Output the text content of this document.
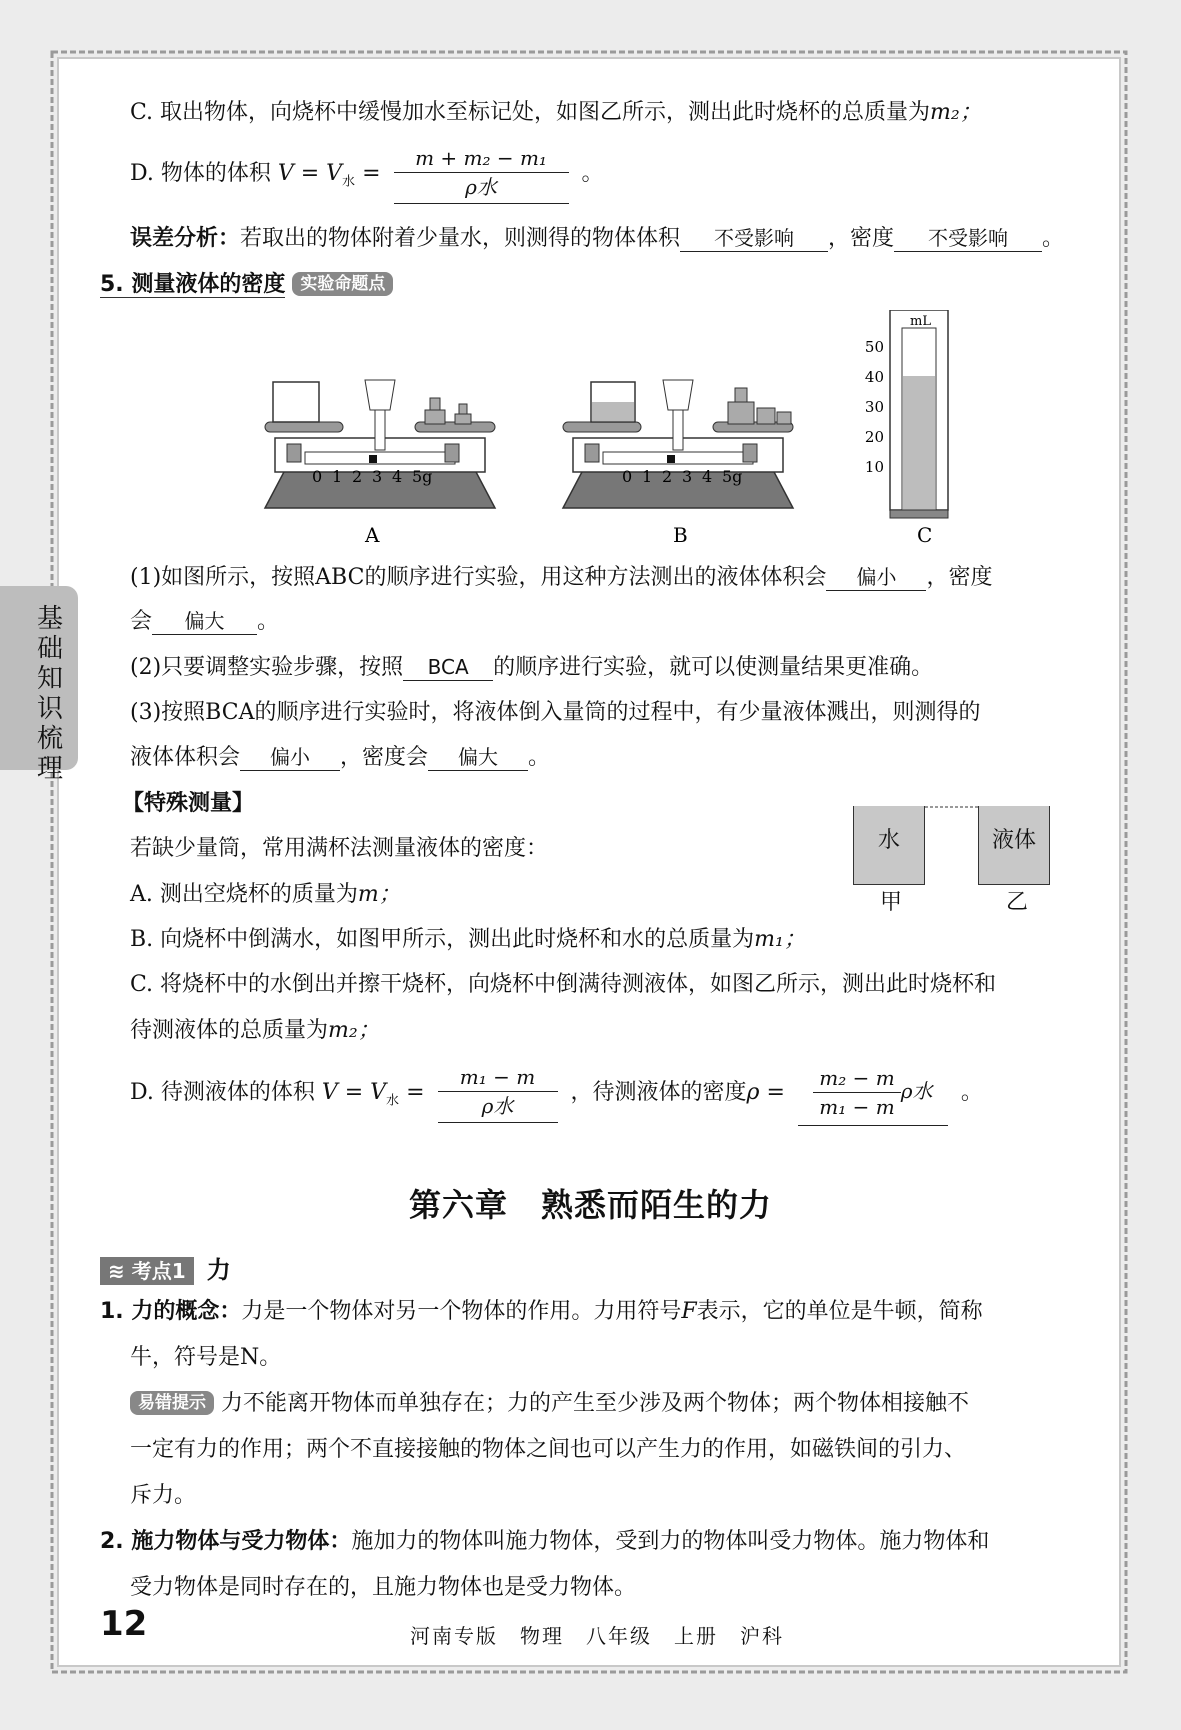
基础知识梳理
C. 取出物体，向烧杯中缓慢加水至标记处，如图乙所示，测出此时烧杯的总质量为m₂；
D. 物体的体积 $V = V_水 = \frac{\text{m + m₂ − m₁}}{\text{ρ水}}$ 。
误差分析：若取出的物体附着少量水，则测得的物体体积 不受影响 ，密度 不受影响 。
5. 测量液体的密度 实验命题点
A	B	C
0 1 2 3 4 5g	0 1 2 3 4 5g
50
40
30
20
10
mL
(1)如图所示，按照ABC的顺序进行实验，用这种方法测出的液体体积会 偏小 ，密度
会 偏大 。
(2)只要调整实验步骤，按照 BCA 的顺序进行实验，就可以使测量结果更准确。
(3)按照BCA的顺序进行实验时，将液体倒入量筒的过程中，有少量液体溅出，则测得的
液体体积会 偏小 ，密度会 偏大 。
【特殊测量】
若缺少量筒，常用满杯法测量液体的密度：
A. 测出空烧杯的质量为m；
B. 向烧杯中倒满水，如图甲所示，测出此时烧杯和水的总质量为m₁；
C. 将烧杯中的水倒出并擦干烧杯，向烧杯中倒满待测液体，如图乙所示，测出此时烧杯和
待测液体的总质量为m₂；
水	液体
甲	乙
D. 待测液体的体积 $V = V_水 = \frac{\text{m₁ − m}}{\text{ρ水}}$ ，待测液体的密度$\rho = \frac{\text{m₂ − m}}{\text{m₁ − m}}$ ρ水 。
第六章　熟悉而陌生的力
≋ 考点1 力
1. 力的概念：力是一个物体对另一个物体的作用。力用符号F表示，它的单位是牛顿，简称
牛，符号是N。
易错提示 力不能离开物体而单独存在；力的产生至少涉及两个物体；两个物体相接触不
一定有力的作用；两个不直接接触的物体之间也可以产生力的作用，如磁铁间的引力、
斥力。
2. 施力物体与受力物体：施加力的物体叫施力物体，受到力的物体叫受力物体。施力物体和
受力物体是同时存在的，且施力物体也是受力物体。
12	河南专版　物理　八年级　上册　沪科
